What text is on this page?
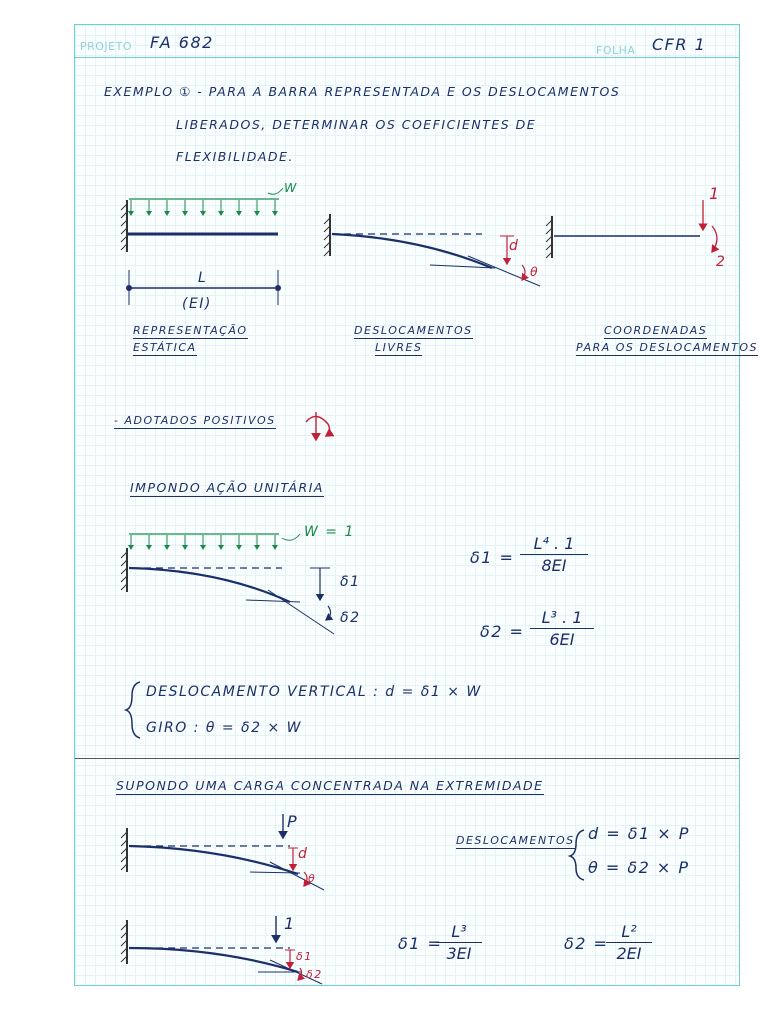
PROJETO FA 682	FOLHA CFR 1
EXEMPLO ① - PARA A BARRA REPRESENTADA E OS DESLOCAMENTOS
LIBERADOS, DETERMINAR OS COEFICIENTES DE
FLEXIBILIDADE.
W
L
(EI)
REPRESENTAÇÃO
ESTÁTICA
d
θ
DESLOCAMENTOS
LIVRES
1
2
COORDENADAS
PARA OS DESLOCAMENTOS
- ADOTADOS POSITIVOS
IMPONDO AÇÃO UNITÁRIA
W = 1
δ1
δ2
$\delta 1 = \frac{\text{L⁴ . 1}}{8EI}$
$\delta 2 = \frac{\text{L³ . 1}}{6EI}$
DESLOCAMENTO VERTICAL : d = δ1 × W
GIRO : θ = δ2 × W
SUPONDO UMA CARGA CONCENTRADA NA EXTREMIDADE
P
d
θ
DESLOCAMENTOS d = δ1 × P
θ = δ2 × P
1
δ1
δ2
δ1 =
$\frac{\text{L³}}{3EI}$	δ2 =
$\frac{\text{L²}}{2EI}$
